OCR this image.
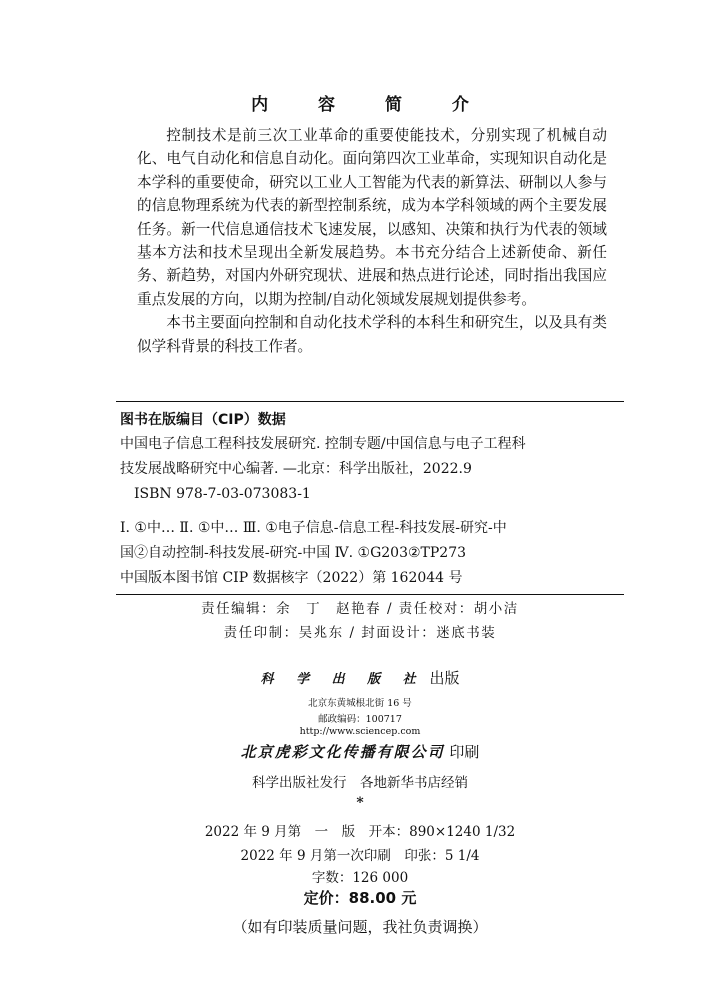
内 容 简 介

控制技术是前三次工业革命的重要使能技术，分别实现了机械自动化、电气自动化和信息自动化。面向第四次工业革命，实现知识自动化是本学科的重要使命，研究以工业人工智能为代表的新算法、研制以人参与的信息物理系统为代表的新型控制系统，成为本学科领域的两个主要发展任务。新一代信息通信技术飞速发展，以感知、决策和执行为代表的领域基本方法和技术呈现出全新发展趋势。本书充分结合上述新使命、新任务、新趋势，对国内外研究现状、进展和热点进行论述，同时指出我国应重点发展的方向，以期为控制/自动化领域发展规划提供参考。

本书主要面向控制和自动化技术学科的本科生和研究生，以及具有类似学科背景的科技工作者。

图书在版编目（CIP）数据
中国电子信息工程科技发展研究. 控制专题/中国信息与电子工程科
技发展战略研究中心编著. —北京：科学出版社，2022.9
ISBN 978-7-03-073083-1
Ⅰ. ①中… Ⅱ. ①中… Ⅲ. ①电子信息-信息工程-科技发展-研究-中
国②自动控制-科技发展-研究-中国 Ⅳ. ①G203②TP273
中国版本图书馆 CIP 数据核字（2022）第 162044 号
责任编辑：余　丁　赵艳春 / 责任校对：胡小洁
责任印制：吴兆东 / 封面设计：迷底书装
科 学 出 版 社 出版
北京东黄城根北街 16 号
邮政编码：100717
http://www.sciencep.com
北京虎彩文化传播有限公司 印刷
科学出版社发行　各地新华书店经销
*
2022 年 9 月第　一　版　开本：890×1240 1/32
2022 年 9 月第一次印刷　印张：5 1/4
字数：126 000
定价：88.00 元
（如有印装质量问题，我社负责调换）
